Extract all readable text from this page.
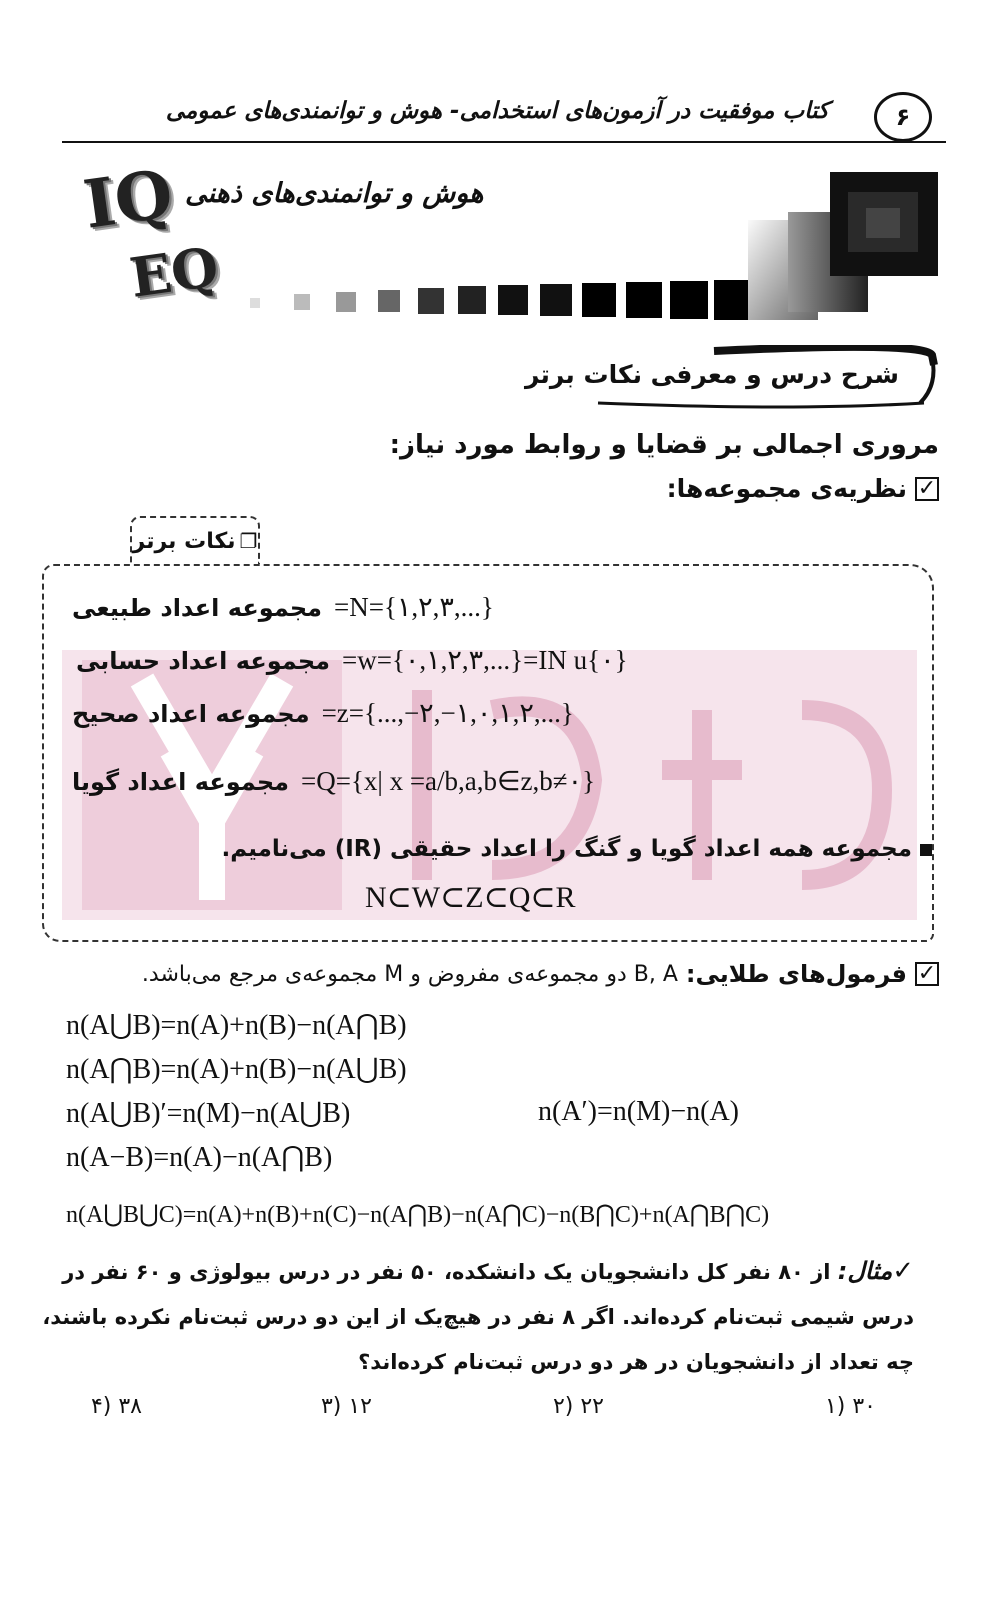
۶
کتاب موفقیت در آزمون‌های استخدامی- هوش و توانمندی‌های عمومی
IQ
EQ
هوش و توانمندی‌های ذهنی
شرح درس و معرفی نکات برتر
مروری اجمالی بر قضایا و روابط مورد نیاز:
✓
نظریه‌ی مجموعه‌ها:
❐
نکات برتر
مجموعه اعداد طبیعی =N={۱,۲,۳,...}
مجموعه اعداد حسابی =w={۰,۱,۲,۳,...}=IN u{۰}
مجموعه اعداد صحیح =z={...,−۲,−۱,۰,۱,۲,...}
مجموعه اعداد گویا =Q={x| x =a/b,a,b∈z,b≠۰}
مجموعه همه اعداد گویا و گنگ را اعداد حقیقی (IR) می‌نامیم.
N⊂W⊂Z⊂Q⊂R
✓
فرمول‌های طلایی:
B, A دو مجموعه‌ی مفروض و M مجموعه‌ی مرجع می‌باشد.
n(A⋃B)=n(A)+n(B)−n(A⋂B)
n(A⋂B)=n(A)+n(B)−n(A⋃B)
n(A⋃B)′=n(M)−n(A⋃B)	n(A′)=n(M)−n(A)
n(A−B)=n(A)−n(A⋂B)
n(A⋃B⋃C)=n(A)+n(B)+n(C)−n(A⋂B)−n(A⋂C)−n(B⋂C)+n(A⋂B⋂C)
✓مثال: از ۸۰ نفر کل دانشجویان یک دانشکده، ۵۰ نفر در درس بیولوژی و ۶۰ نفر در
درس شیمی ثبت‌نام کرده‌اند. اگر ۸ نفر در هیچ‌یک از این دو درس ثبت‌نام نکرده باشند،
چه تعداد از دانشجویان در هر دو درس ثبت‌نام کرده‌اند؟
۳۰ (۱
۲۲ (۲
۱۲ (۳
۳۸ (۴
